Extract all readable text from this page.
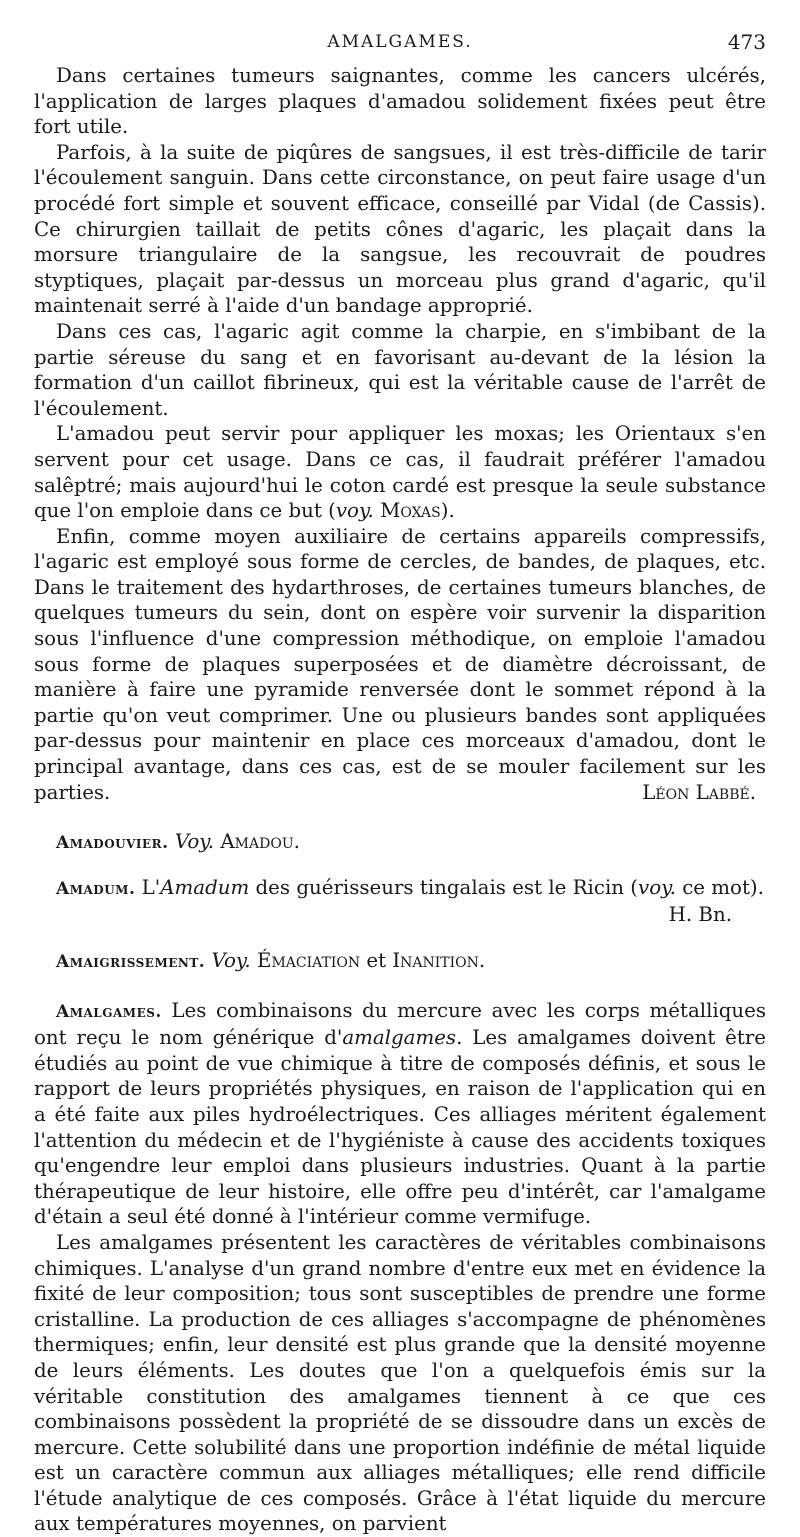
AMALGAMES.	473

Dans certaines tumeurs saignantes, comme les cancers ulcérés, l'application de larges plaques d'amadou solidement fixées peut être fort utile.

Parfois, à la suite de piqûres de sangsues, il est très-difficile de tarir l'écoulement sanguin. Dans cette circonstance, on peut faire usage d'un procédé fort simple et souvent efficace, conseillé par Vidal (de Cassis). Ce chirurgien taillait de petits cônes d'agaric, les plaçait dans la morsure triangulaire de la sangsue, les recouvrait de poudres styptiques, plaçait par-dessus un morceau plus grand d'agaric, qu'il maintenait serré à l'aide d'un bandage approprié.

Dans ces cas, l'agaric agit comme la charpie, en s'imbibant de la partie séreuse du sang et en favorisant au-devant de la lésion la formation d'un caillot fibrineux, qui est la véritable cause de l'arrêt de l'écoulement.

L'amadou peut servir pour appliquer les moxas; les Orientaux s'en servent pour cet usage. Dans ce cas, il faudrait préférer l'amadou salêptré; mais aujourd'hui le coton cardé est presque la seule substance que l'on emploie dans ce but (voy. Moxas).

Enfin, comme moyen auxiliaire de certains appareils compressifs, l'agaric est employé sous forme de cercles, de bandes, de plaques, etc. Dans le traitement des hydarthroses, de certaines tumeurs blanches, de quelques tumeurs du sein, dont on espère voir survenir la disparition sous l'influence d'une compression méthodique, on emploie l'amadou sous forme de plaques superposées et de diamètre décroissant, de manière à faire une pyramide renversée dont le sommet répond à la partie qu'on veut comprimer. Une ou plusieurs bandes sont appliquées par-dessus pour maintenir en place ces morceaux d'amadou, dont le principal avantage, dans ces cas, est de se mouler facilement sur les parties.	Léon Labbé.

Amadouvier. Voy. Amadou.

Amadum. L'Amadum des guérisseurs tingalais est le Ricin (voy. ce mot).

H. Bn.

Amaigrissement. Voy. Émaciation et Inanition.

Amalgames. Les combinaisons du mercure avec les corps métalliques ont reçu le nom générique d'amalgames. Les amalgames doivent être étudiés au point de vue chimique à titre de composés définis, et sous le rapport de leurs propriétés physiques, en raison de l'application qui en a été faite aux piles hydroélectriques. Ces alliages méritent également l'attention du médecin et de l'hygiéniste à cause des accidents toxiques qu'engendre leur emploi dans plusieurs industries. Quant à la partie thérapeutique de leur histoire, elle offre peu d'intérêt, car l'amalgame d'étain a seul été donné à l'intérieur comme vermifuge.

Les amalgames présentent les caractères de véritables combinaisons chimiques. L'analyse d'un grand nombre d'entre eux met en évidence la fixité de leur composition; tous sont susceptibles de prendre une forme cristalline. La production de ces alliages s'accompagne de phénomènes thermiques; enfin, leur densité est plus grande que la densité moyenne de leurs éléments. Les doutes que l'on a quelquefois émis sur la véritable constitution des amalgames tiennent à ce que ces combinaisons possèdent la propriété de se dissoudre dans un excès de mercure. Cette solubilité dans une proportion indéfinie de métal liquide est un caractère commun aux alliages métalliques; elle rend difficile l'étude analytique de ces composés. Grâce à l'état liquide du mercure aux températures moyennes, on parvient
